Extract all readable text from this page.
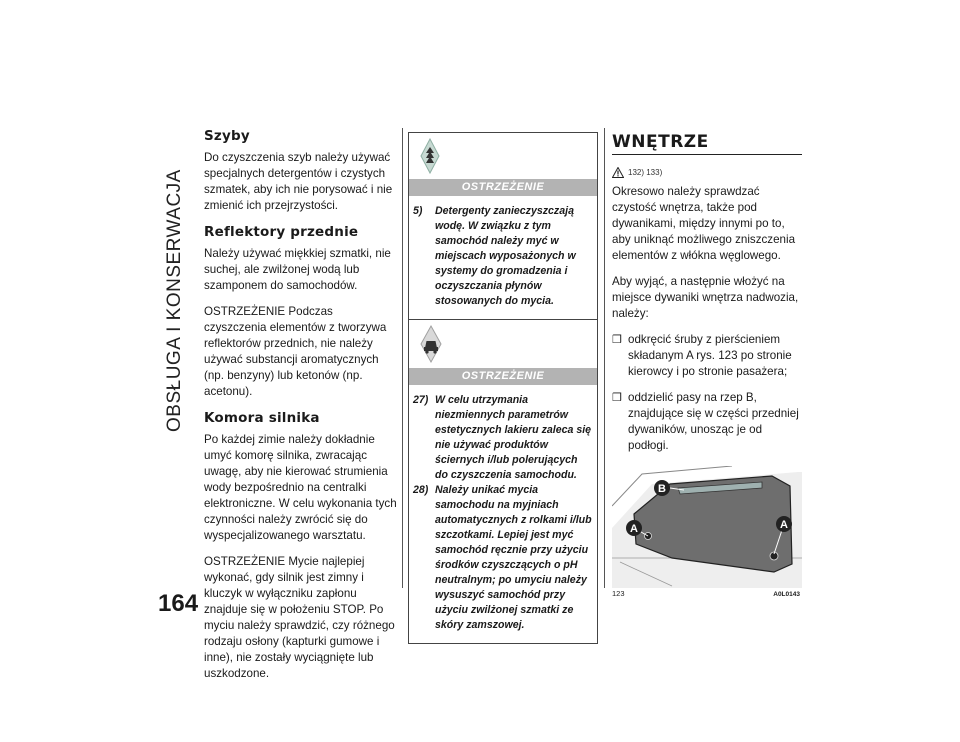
OBSŁUGA I KONSERWACJA
164
Szyby

Do czyszczenia szyb należy używać specjalnych detergentów i czystych szmatek, aby ich nie porysować i nie zmienić ich przejrzystości.

Reflektory przednie

Należy używać miękkiej szmatki, nie suchej, ale zwilżonej wodą lub szamponem do samochodów.

OSTRZEŻENIE Podczas czyszczenia elementów z tworzywa reflektorów przednich, nie należy używać substancji aromatycznych (np. benzyny) lub ketonów (np. acetonu).

Komora silnika

Po każdej zimie należy dokładnie umyć komorę silnika, zwracając uwagę, aby nie kierować strumienia wody bezpośrednio na centralki elektroniczne. W celu wykonania tych czynności należy zwrócić się do wyspecjalizowanego warsztatu.

OSTRZEŻENIE Mycie najlepiej wykonać, gdy silnik jest zimny i kluczyk w wyłączniku zapłonu znajduje się w położeniu STOP. Po myciu należy sprawdzić, czy różnego rodzaju osłony (kapturki gumowe i inne), nie zostały wyciągnięte lub uszkodzone.

OSTRZEŻENIE
5) Detergenty zanieczyszczają wodę. W związku z tym samochód należy myć w miejscach wyposażonych w systemy do gromadzenia i oczyszczania płynów stosowanych do mycia.
OSTRZEŻENIE
27) W celu utrzymania niezmiennych parametrów estetycznych lakieru zaleca się nie używać produktów ściernych i/lub polerujących do czyszczenia samochodu.
28) Należy unikać mycia samochodu na myjniach automatycznych z rolkami i/lub szczotkami. Lepiej jest myć samochód ręcznie przy użyciu środków czyszczących o pH neutralnym; po umyciu należy wysuszyć samochód przy użyciu zwilżonej szmatki ze skóry zamszowej.
WNĘTRZE
132) 133)

Okresowo należy sprawdzać czystość wnętrza, także pod dywanikami, między innymi po to, aby uniknąć możliwego zniszczenia elementów z włókna węglowego.

Aby wyjąć, a następnie włożyć na miejsce dywaniki wnętrza nadwozia, należy:

❒ odkręcić śruby z pierścieniem składanym A rys. 123 po stronie kierowcy i po stronie pasażera;

❒ oddzielić pasy na rzep B, znajdujące się w części przedniej dywaników, unosząc je od podłogi.

A
B
A
123	A0L0143
